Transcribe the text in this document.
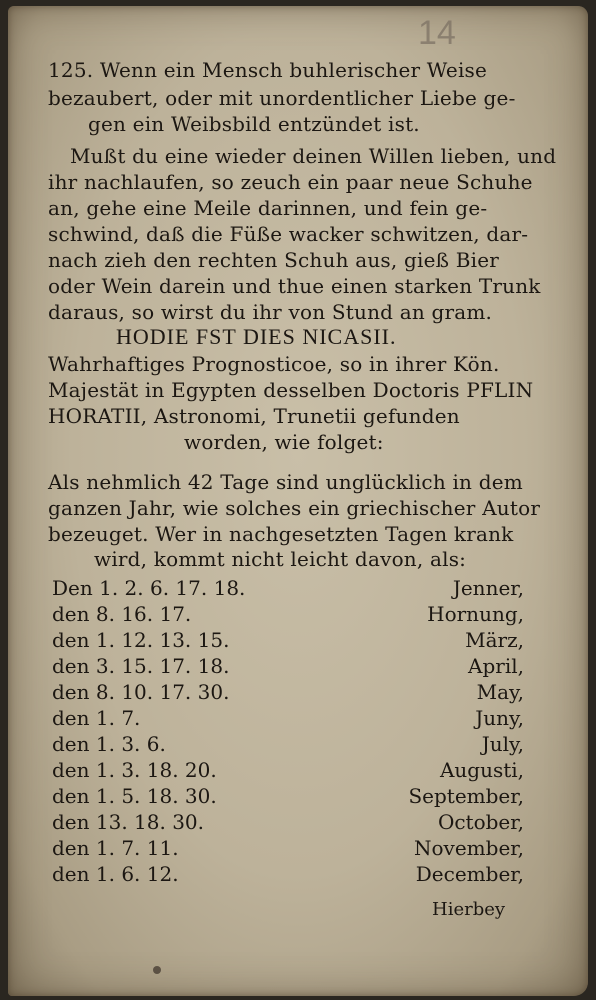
14
125. Wenn ein Mensch buhlerischer Weise
bezaubert, oder mit unordentlicher Liebe ge-
gen ein Weibsbild entzündet ist.
Mußt du eine wieder deinen Willen lieben, und
ihr nachlaufen, so zeuch ein paar neue Schuhe
an, gehe eine Meile darinnen, und fein ge-
schwind, daß die Füße wacker schwitzen, dar-
nach zieh den rechten Schuh aus, gieß Bier
oder Wein darein und thue einen starken Trunk
daraus, so wirst du ihr von Stund an gram.
HODIE FST DIES NICASII.
Wahrhaftiges Prognosticoe, so in ihrer Kön.
Majestät in Egypten desselben Doctoris PFLIN
HORATII, Astronomi, Trunetii gefunden
worden, wie folget:
Als nehmlich 42 Tage sind unglücklich in dem
ganzen Jahr, wie solches ein griechischer Autor
bezeuget. Wer in nachgesetzten Tagen krank
wird, kommt nicht leicht davon, als:
Den 1. 2. 6. 17. 18.	Jenner,
den 8. 16. 17.	Hornung,
den 1. 12. 13. 15.	März,
den 3. 15. 17. 18.	April,
den 8. 10. 17. 30.	May,
den 1. 7.	Juny,
den 1. 3. 6.	July,
den 1. 3. 18. 20.	Augusti,
den 1. 5. 18. 30.	September,
den 13. 18. 30.	October,
den 1. 7. 11.	November,
den 1. 6. 12.	December,
Hierbey
